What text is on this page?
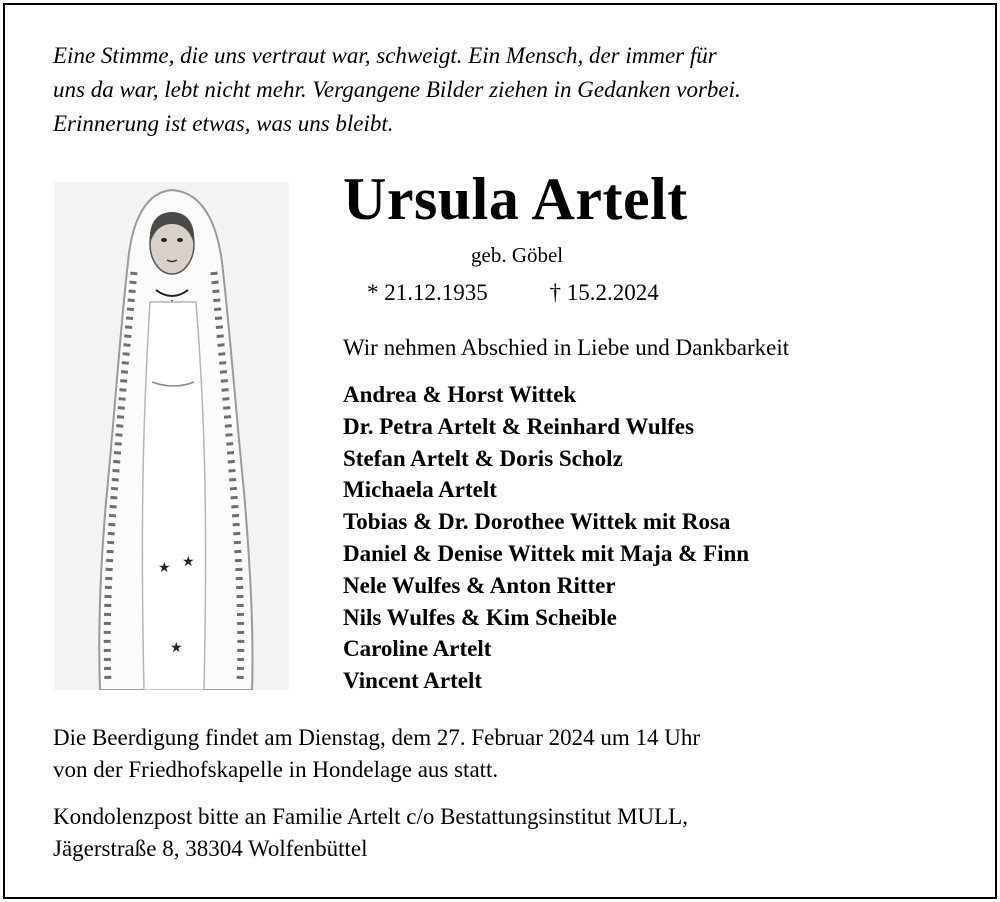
Eine Stimme, die uns vertraut war, schweigt. Ein Mensch, der immer für
uns da war, lebt nicht mehr. Vergangene Bilder ziehen in Gedanken vorbei.
Erinnerung ist etwas, was uns bleibt.

★ ★
★
Ursula Artelt
geb. Göbel
* 21.12.1935	† 15.2.2024
Wir nehmen Abschied in Liebe und Dankbarkeit
Andrea & Horst Wittek
Dr. Petra Artelt & Reinhard Wulfes
Stefan Artelt & Doris Scholz
Michaela Artelt
Tobias & Dr. Dorothee Wittek mit Rosa
Daniel & Denise Wittek mit Maja & Finn
Nele Wulfes & Anton Ritter
Nils Wulfes & Kim Scheible
Caroline Artelt
Vincent Artelt

Die Beerdigung findet am Dienstag, dem 27. Februar 2024 um 14 Uhr
von der Friedhofskapelle in Hondelage aus statt.

Kondolenzpost bitte an Familie Artelt c/o Bestattungsinstitut MULL,
Jägerstraße 8, 38304 Wolfenbüttel
